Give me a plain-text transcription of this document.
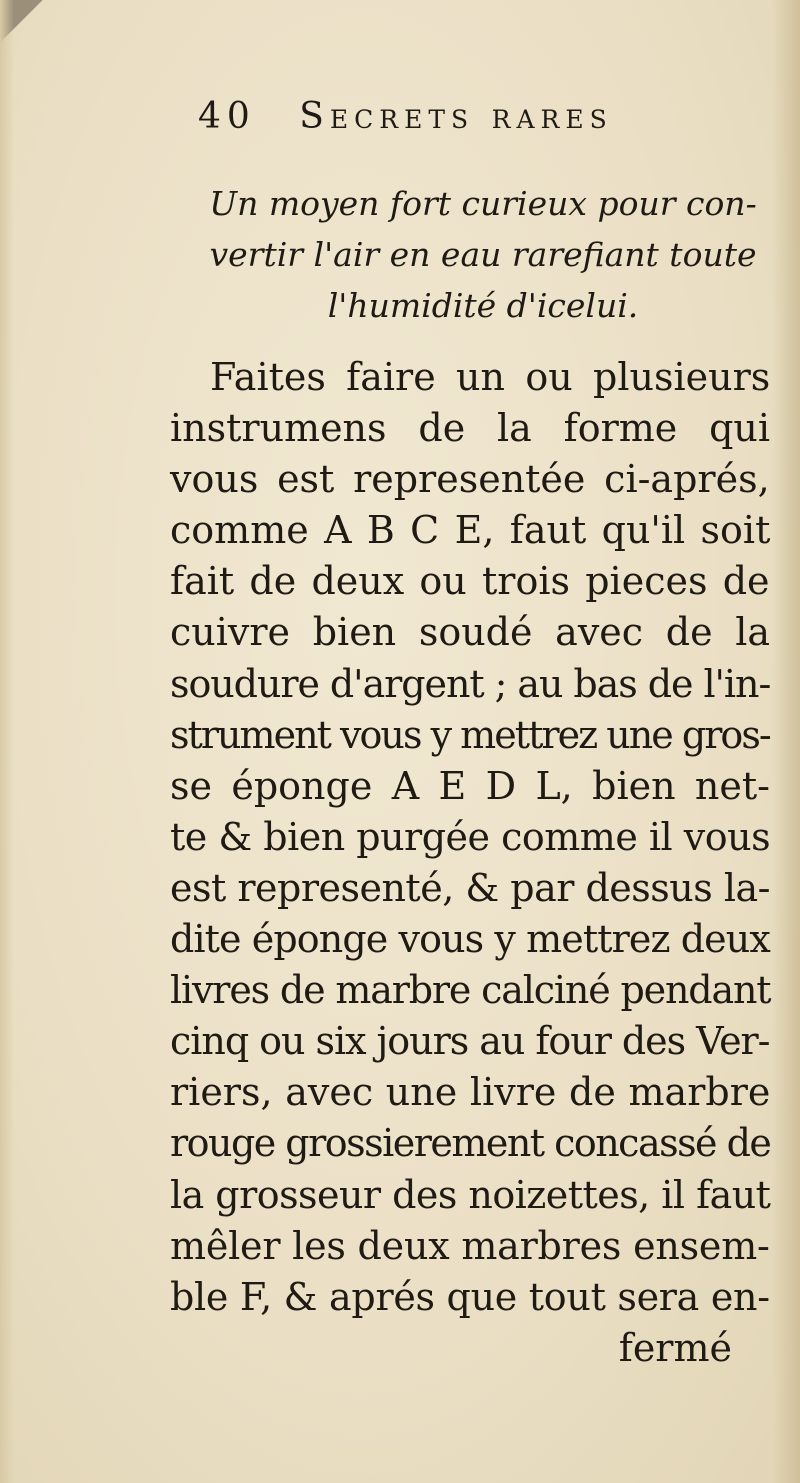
40 Secrets rares
Un moyen fort curieux pour con-
vertir l'air en eau rarefiant toute
l'humidité d'icelui.
Faites faire un ou plusieurs
instrumens de la forme qui
vous est representée ci-aprés,
comme A B C E, faut qu'il soit
fait de deux ou trois pieces de
cuivre bien soudé avec de la
soudure d'argent ; au bas de l'in-
strument vous y mettrez une gros-
se éponge A E D L, bien net-
te & bien purgée comme il vous
est representé, & par dessus la-
dite éponge vous y mettrez deux
livres de marbre calciné pendant
cinq ou six jours au four des Ver-
riers, avec une livre de marbre
rouge grossierement concassé de
la grosseur des noizettes, il faut
mêler les deux marbres ensem-
ble F, & aprés que tout sera en-
fermé
